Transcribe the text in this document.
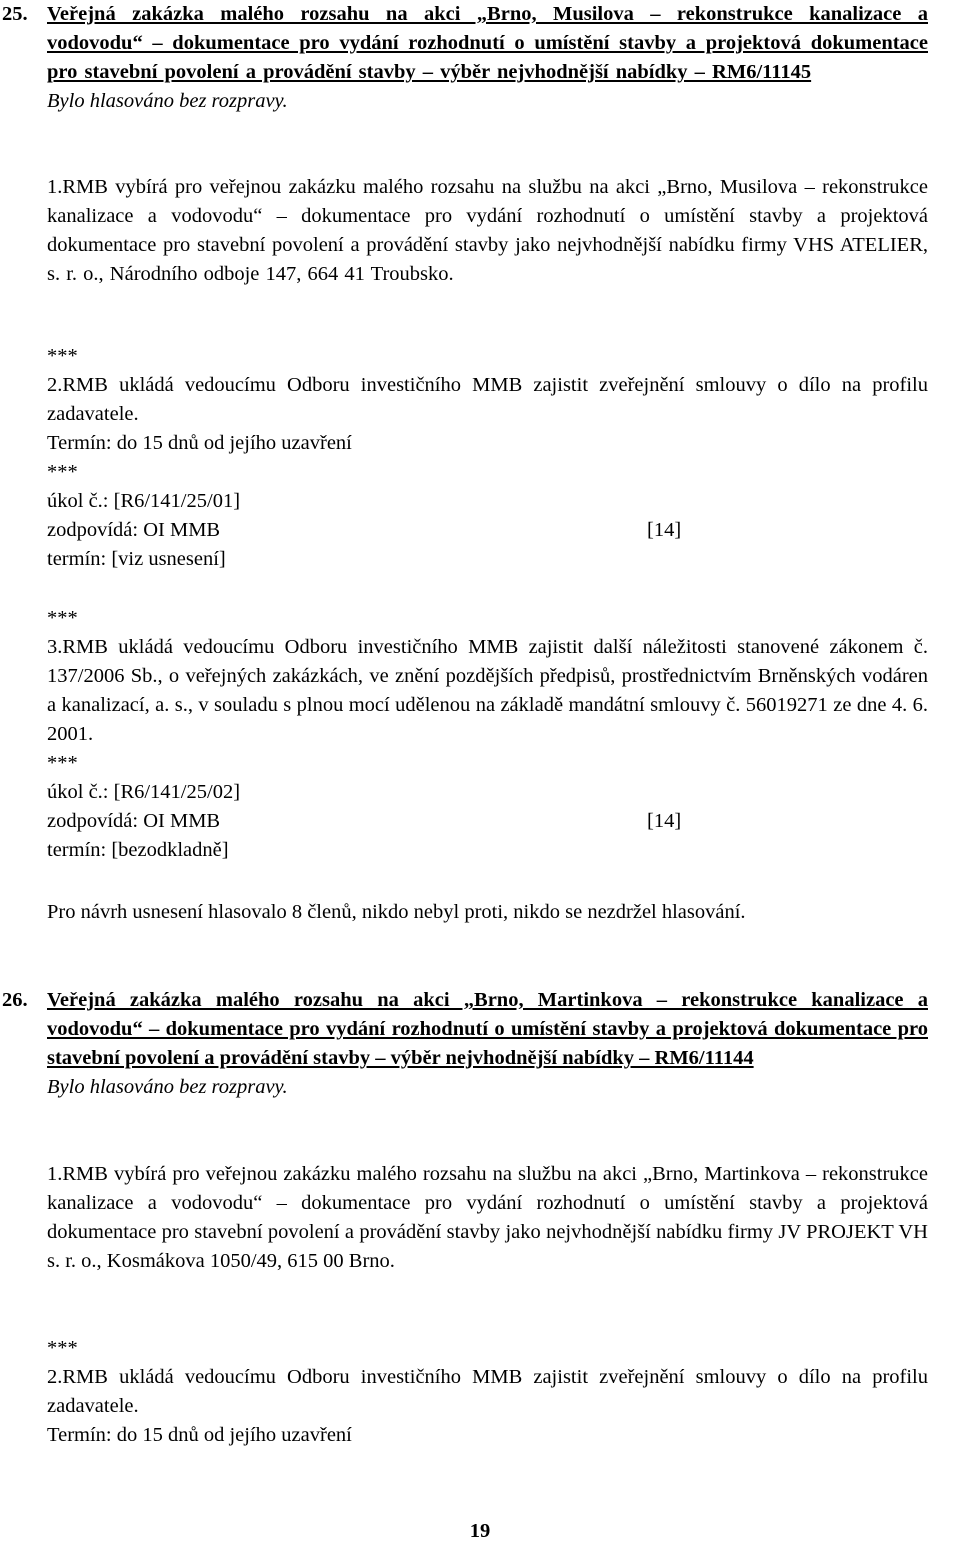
25. Veřejná zakázka malého rozsahu na akci „Brno, Musilova – rekonstrukce kanalizace a vodovodu“ – dokumentace pro vydání rozhodnutí o umístění stavby a projektová dokumentace pro stavební povolení a provádění stavby – výběr nejvhodnější nabídky – RM6/11145
Bylo hlasováno bez rozpravy.
1.RMB vybírá pro veřejnou zakázku malého rozsahu na službu na akci „Brno, Musilova – rekonstrukce kanalizace a vodovodu“ – dokumentace pro vydání rozhodnutí o umístění stavby a projektová dokumentace pro stavební povolení a provádění stavby jako nejvhodnější nabídku firmy VHS ATELIER, s. r. o., Národního odboje 147, 664 41 Troubsko.
***
2.RMB ukládá vedoucímu Odboru investičního MMB zajistit zveřejnění smlouvy o dílo na profilu zadavatele.
Termín: do 15 dnů od jejího uzavření
***
úkol č.: [R6/141/25/01]
zodpovídá: OI MMB	[14]
termín: [viz usnesení]
***
3.RMB ukládá vedoucímu Odboru investičního MMB zajistit další náležitosti stanovené zákonem č. 137/2006 Sb., o veřejných zakázkách, ve znění pozdějších předpisů, prostřednictvím Brněnských vodáren a kanalizací, a. s., v souladu s plnou mocí udělenou na základě mandátní smlouvy č. 56019271 ze dne 4. 6. 2001.
***
úkol č.: [R6/141/25/02]
zodpovídá: OI MMB	[14]
termín: [bezodkladně]
Pro návrh usnesení hlasovalo 8 členů, nikdo nebyl proti, nikdo se nezdržel hlasování.
26. Veřejná zakázka malého rozsahu na akci „Brno, Martinkova – rekonstrukce kanalizace a vodovodu“ – dokumentace pro vydání rozhodnutí o umístění stavby a projektová dokumentace pro stavební povolení a provádění stavby – výběr nejvhodnější nabídky – RM6/11144
Bylo hlasováno bez rozpravy.
1.RMB vybírá pro veřejnou zakázku malého rozsahu na službu na akci „Brno, Martinkova – rekonstrukce kanalizace a vodovodu“ – dokumentace pro vydání rozhodnutí o umístění stavby a projektová dokumentace pro stavební povolení a provádění stavby jako nejvhodnější nabídku firmy JV PROJEKT VH s. r. o., Kosmákova 1050/49, 615 00 Brno.
***
2.RMB ukládá vedoucímu Odboru investičního MMB zajistit zveřejnění smlouvy o dílo na profilu zadavatele.
Termín: do 15 dnů od jejího uzavření
19
